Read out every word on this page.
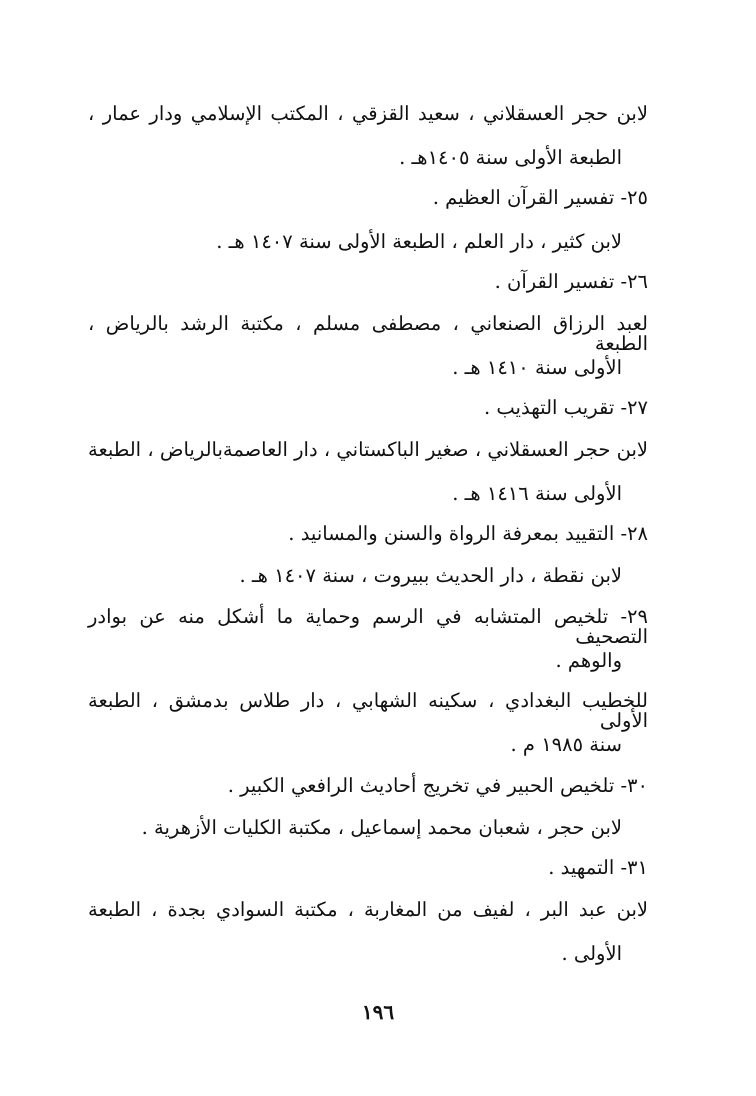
لابن حجر العسقلاني ، سعيد القزقي ، المكتب الإسلامي ودار عمار ،
الطبعة الأولى سنة ١٤٠٥هـ .
٢٥- تفسير القرآن العظيم .
لابن كثير ، دار العلم ، الطبعة الأولى سنة ١٤٠٧ هـ .
٢٦- تفسير القرآن .
لعبد الرزاق الصنعاني ، مصطفى مسلم ، مكتبة الرشد بالرياض ، الطبعة
الأولى سنة ١٤١٠ هـ .
٢٧- تقريب التهذيب .
لابن حجر العسقلاني ، صغير الباكستاني ، دار العاصمةبالرياض ، الطبعة
الأولى سنة ١٤١٦ هـ .
٢٨- التقييد بمعرفة الرواة والسنن والمسانيد .
لابن نقطة ، دار الحديث ببيروت ، سنة ١٤٠٧ هـ .
٢٩- تلخيص المتشابه في الرسم وحماية ما أشكل منه عن بوادر التصحيف
والوهم .
للخطيب البغدادي ، سكينه الشهابي ، دار طلاس بدمشق ، الطبعة الأولى
سنة ١٩٨٥ م .
٣٠- تلخيص الحبير في تخريج أحاديث الرافعي الكبير .
لابن حجر ، شعبان محمد إسماعيل ، مكتبة الكليات الأزهرية .
٣١- التمهيد .
لابن عبد البر ، لفيف من المغاربة ، مكتبة السوادي بجدة ، الطبعة
الأولى .
١٩٦
